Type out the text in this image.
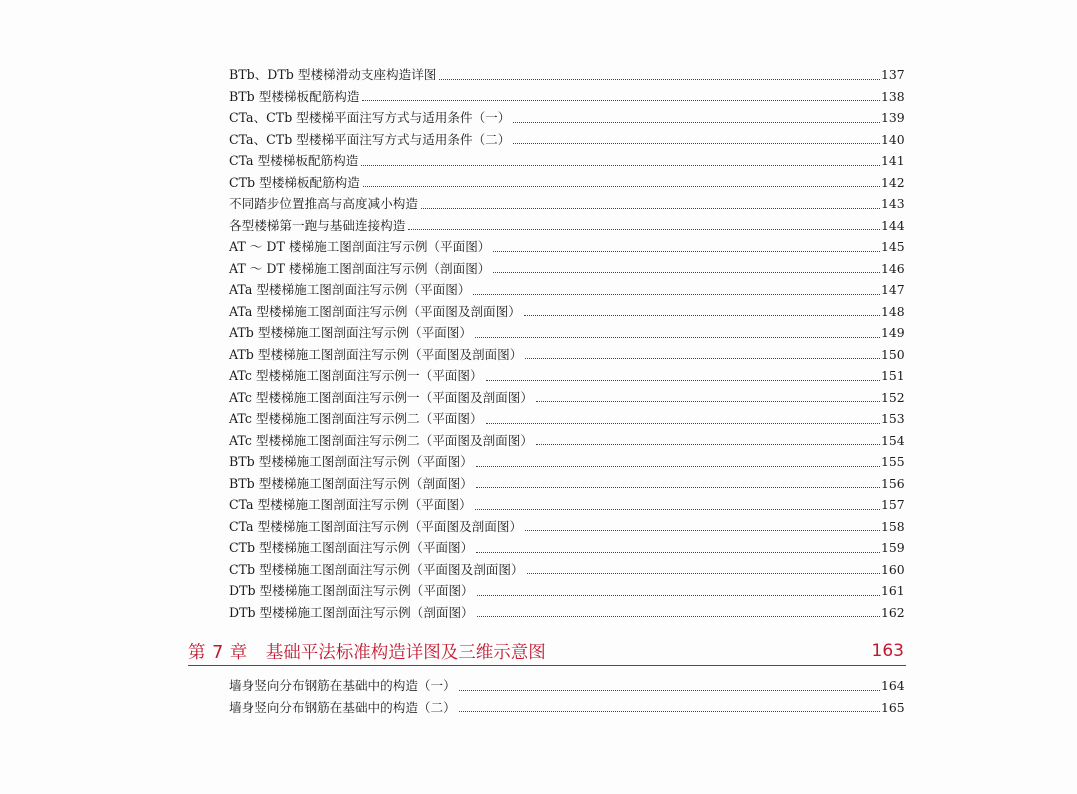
BTb、DTb 型楼梯滑动支座构造详图	137
BTb 型楼梯板配筋构造	138
CTa、CTb 型楼梯平面注写方式与适用条件（一）	139
CTa、CTb 型楼梯平面注写方式与适用条件（二）	140
CTa 型楼梯板配筋构造	141
CTb 型楼梯板配筋构造	142
不同踏步位置推高与高度减小构造	143
各型楼梯第一跑与基础连接构造	144
AT ～ DT 楼梯施工图剖面注写示例（平面图）	145
AT ～ DT 楼梯施工图剖面注写示例（剖面图）	146
ATa 型楼梯施工图剖面注写示例（平面图）	147
ATa 型楼梯施工图剖面注写示例（平面图及剖面图）	148
ATb 型楼梯施工图剖面注写示例（平面图）	149
ATb 型楼梯施工图剖面注写示例（平面图及剖面图）	150
ATc 型楼梯施工图剖面注写示例一（平面图）	151
ATc 型楼梯施工图剖面注写示例一（平面图及剖面图）	152
ATc 型楼梯施工图剖面注写示例二（平面图）	153
ATc 型楼梯施工图剖面注写示例二（平面图及剖面图）	154
BTb 型楼梯施工图剖面注写示例（平面图）	155
BTb 型楼梯施工图剖面注写示例（剖面图）	156
CTa 型楼梯施工图剖面注写示例（平面图）	157
CTa 型楼梯施工图剖面注写示例（平面图及剖面图）	158
CTb 型楼梯施工图剖面注写示例（平面图）	159
CTb 型楼梯施工图剖面注写示例（平面图及剖面图）	160
DTb 型楼梯施工图剖面注写示例（平面图）	161
DTb 型楼梯施工图剖面注写示例（剖面图）	162
第 7 章 基础平法标准构造详图及三维示意图	163
墙身竖向分布钢筋在基础中的构造（一）	164
墙身竖向分布钢筋在基础中的构造（二）	165
